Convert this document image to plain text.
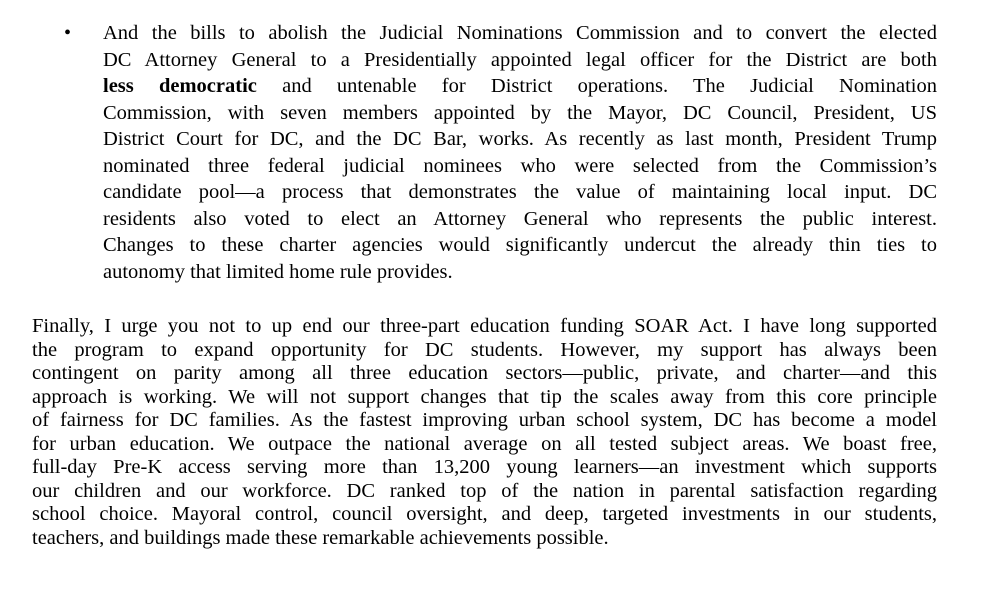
• And the bills to abolish the Judicial Nominations Commission and to convert the elected
DC Attorney General to a Presidentially appointed legal officer for the District are both
less democratic and untenable for District operations. The Judicial Nomination
Commission, with seven members appointed by the Mayor, DC Council, President, US
District Court for DC, and the DC Bar, works. As recently as last month, President Trump
nominated three federal judicial nominees who were selected from the Commission’s
candidate pool—a process that demonstrates the value of maintaining local input. DC
residents also voted to elect an Attorney General who represents the public interest.
Changes to these charter agencies would significantly undercut the already thin ties to
autonomy that limited home rule provides.
Finally, I urge you not to up end our three-part education funding SOAR Act. I have long supported
the program to expand opportunity for DC students. However, my support has always been
contingent on parity among all three education sectors—public, private, and charter—and this
approach is working. We will not support changes that tip the scales away from this core principle
of fairness for DC families. As the fastest improving urban school system, DC has become a model
for urban education. We outpace the national average on all tested subject areas. We boast free,
full-day Pre-K access serving more than 13,200 young learners—an investment which supports
our children and our workforce. DC ranked top of the nation in parental satisfaction regarding
school choice. Mayoral control, council oversight, and deep, targeted investments in our students,
teachers, and buildings made these remarkable achievements possible.
